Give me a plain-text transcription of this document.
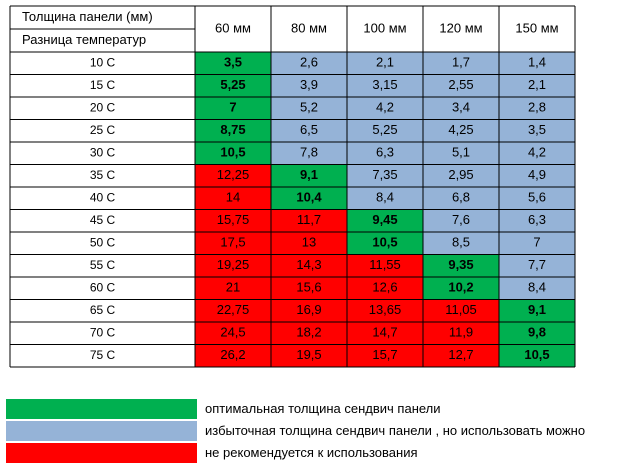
Толщина панели (мм)
Разница температур
60 мм	80 мм	100 мм	120 мм	150 мм
10 С	3,5	2,6	2,1	1,7	1,4
15 С	5,25	3,9	3,15	2,55	2,1
20 С	7	5,2	4,2	3,4	2,8
25 С	8,75	6,5	5,25	4,25	3,5
30 С	10,5	7,8	6,3	5,1	4,2
35 С	12,25	9,1	7,35	2,95	4,9
40 С	14	10,4	8,4	6,8	5,6
45 С	15,75	11,7	9,45	7,6	6,3
50 С	17,5	13	10,5	8,5	7
55 С	19,25	14,3	11,55	9,35	7,7
60 С	21	15,6	12,6	10,2	8,4
65 С	22,75	16,9	13,65	11,05	9,1
70 С	24,5	18,2	14,7	11,9	9,8
75 С	26,2	19,5	15,7	12,7	10,5
оптимальная толщина сендвич панели
избыточная толщина сендвич панели , но использовать можно
не рекомендуется к использования
